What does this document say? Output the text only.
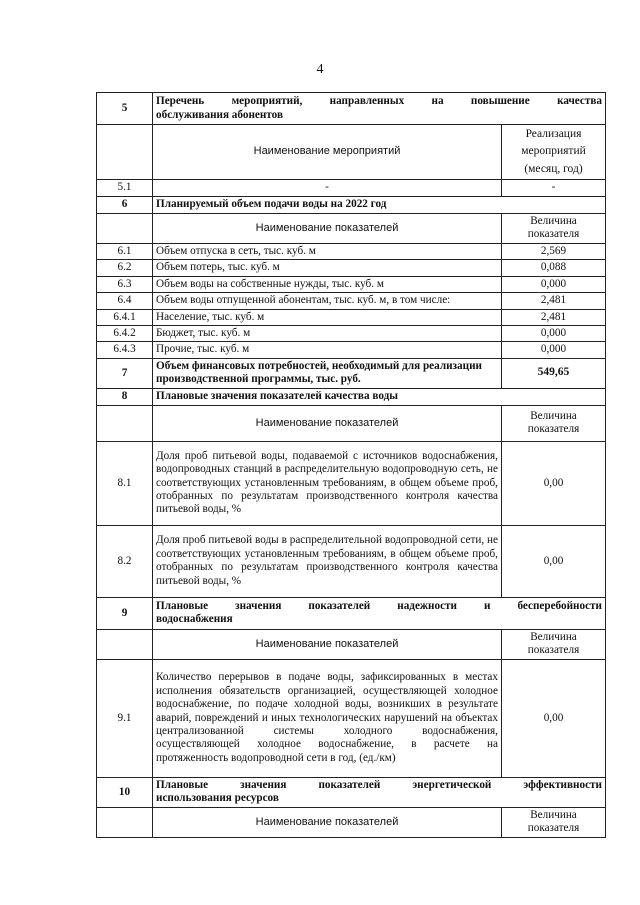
4
5	Перечень мероприятий, направленных на повышение качества
обслуживания абонентов	

	Наименование мероприятий	Реализация мероприятий (месяц, год)
5.1	-	-
6	Планируемый объем подачи воды на 2022 год	
	Наименование показателей	Величина показателя
6.1	Объем отпуска в сеть, тыс. куб. м	2,569
6.2	Объем потерь, тыс. куб. м	0,088
6.3	Объем воды на собственные нужды, тыс. куб. м	0,000
6.4	Объем воды отпущенной абонентам, тыс. куб. м, в том числе:	2,481
6.4.1	Население, тыс. куб. м	2,481
6.4.2	Бюджет, тыс. куб. м	0,000
6.4.3	Прочие, тыс. куб. м	0,000
7	Объем финансовых потребностей, необходимый для реализации производственной программы, тыс. руб.	549,65
8	Плановые значения показателей качества воды	
	Наименование показателей	Величина показателя
8.1	Доля проб питьевой воды, подаваемой с источников водоснабжения, водопроводных станций в распределительную водопроводную сеть, не соответствующих установленным требованиям, в общем объеме проб, отобранных по результатам производственного контроля качества питьевой воды, %	0,00
8.2	Доля проб питьевой воды в распределительной водопроводной сети, не соответствующих установленным требованиям, в общем объеме проб, отобранных по результатам производственного контроля качества питьевой воды, %	0,00
9	Плановые значения показателей надежности и бесперебойности
водоснабжения	

	Наименование показателей	Величина показателя
9.1	Количество перерывов в подаче воды, зафиксированных в местах исполнения обязательств организацией, осуществляющей холодное водоснабжение, по подаче холодной воды, возникших в результате аварий, повреждений и иных технологических нарушений на объектах централизованной системы холодного водоснабжения, осуществляющей холодное водоснабжение, в расчете на протяженность водопроводной сети в год, (ед./км)	0,00
10	Плановые значения показателей энергетической эффективности
использования ресурсов	

	Наименование показателей	Величина показателя
